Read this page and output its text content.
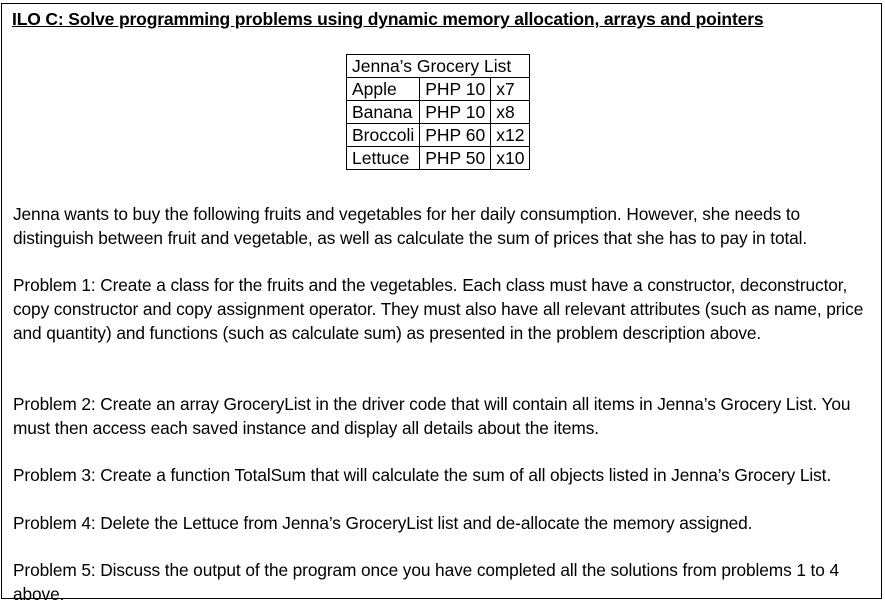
ILO C: Solve programming problems using dynamic memory allocation, arrays and pointers
Jenna’s Grocery List		
Apple	PHP 10	x7
Banana	PHP 10	x8
Broccoli	PHP 60	x12
Lettuce	PHP 50	x10
Jenna wants to buy the following fruits and vegetables for her daily consumption. However, she needs to distinguish between fruit and vegetable, as well as calculate the sum of prices that she has to pay in total.
Problem 1: Create a class for the fruits and the vegetables. Each class must have a constructor, deconstructor, copy constructor and copy assignment operator. They must also have all relevant attributes (such as name, price and quantity) and functions (such as calculate sum) as presented in the problem description above.
Problem 2: Create an array GroceryList in the driver code that will contain all items in Jenna’s Grocery List. You must then access each saved instance and display all details about the items.
Problem 3: Create a function TotalSum that will calculate the sum of all objects listed in Jenna’s Grocery List.
Problem 4: Delete the Lettuce from Jenna’s GroceryList list and de-allocate the memory assigned.
Problem 5: Discuss the output of the program once you have completed all the solutions from problems 1 to 4 above.
